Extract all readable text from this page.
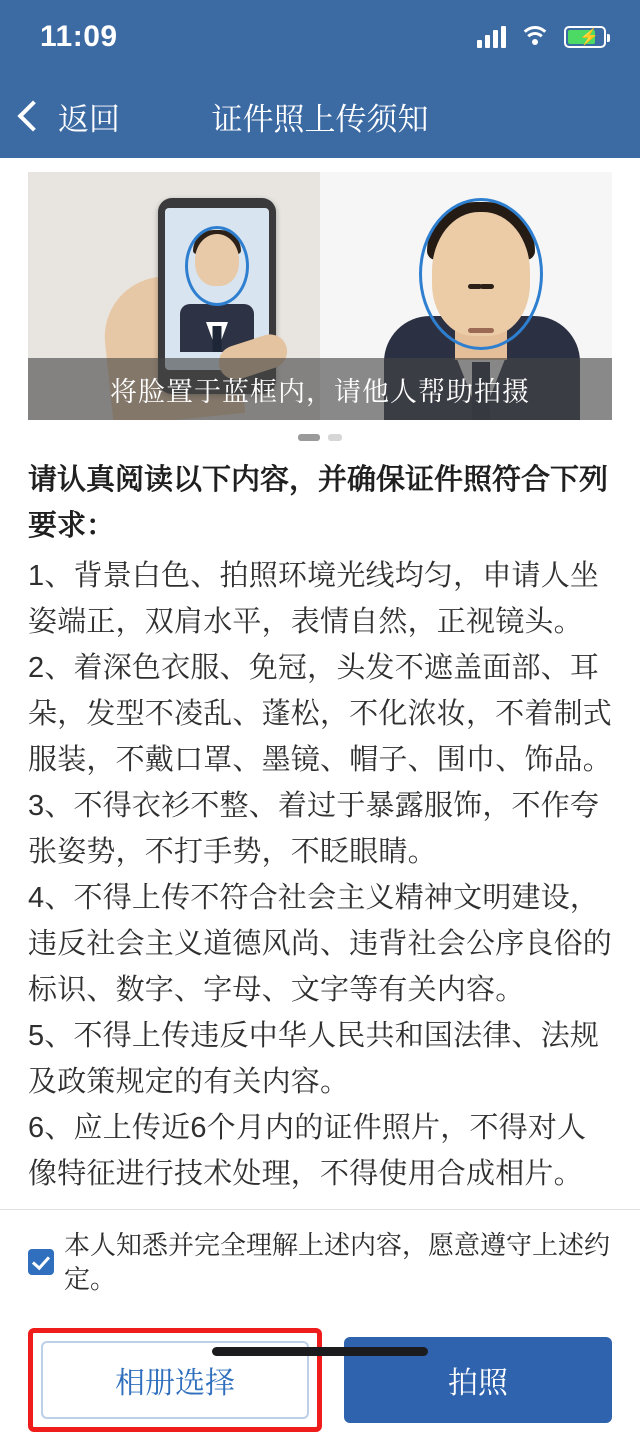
11:09	⚡
返回	证件照上传须知
将脸置于蓝框内，请他人帮助拍摄
请认真阅读以下内容，并确保证件照符合下列要求：
1、背景白色、拍照环境光线均匀，申请人坐姿端正，双肩水平，表情自然，正视镜头。
2、着深色衣服、免冠，头发不遮盖面部、耳朵，发型不凌乱、蓬松，不化浓妆，不着制式服装，不戴口罩、墨镜、帽子、围巾、饰品。
3、不得衣衫不整、着过于暴露服饰，不作夸张姿势，不打手势，不眨眼睛。
4、不得上传不符合社会主义精神文明建设，违反社会主义道德风尚、违背社会公序良俗的标识、数字、字母、文字等有关内容。
5、不得上传违反中华人民共和国法律、法规及政策规定的有关内容。
6、应上传近6个月内的证件照片，不得对人像特征进行技术处理，不得使用合成相片。
本人知悉并完全理解上述内容，愿意遵守上述约定。
相册选择	拍照
